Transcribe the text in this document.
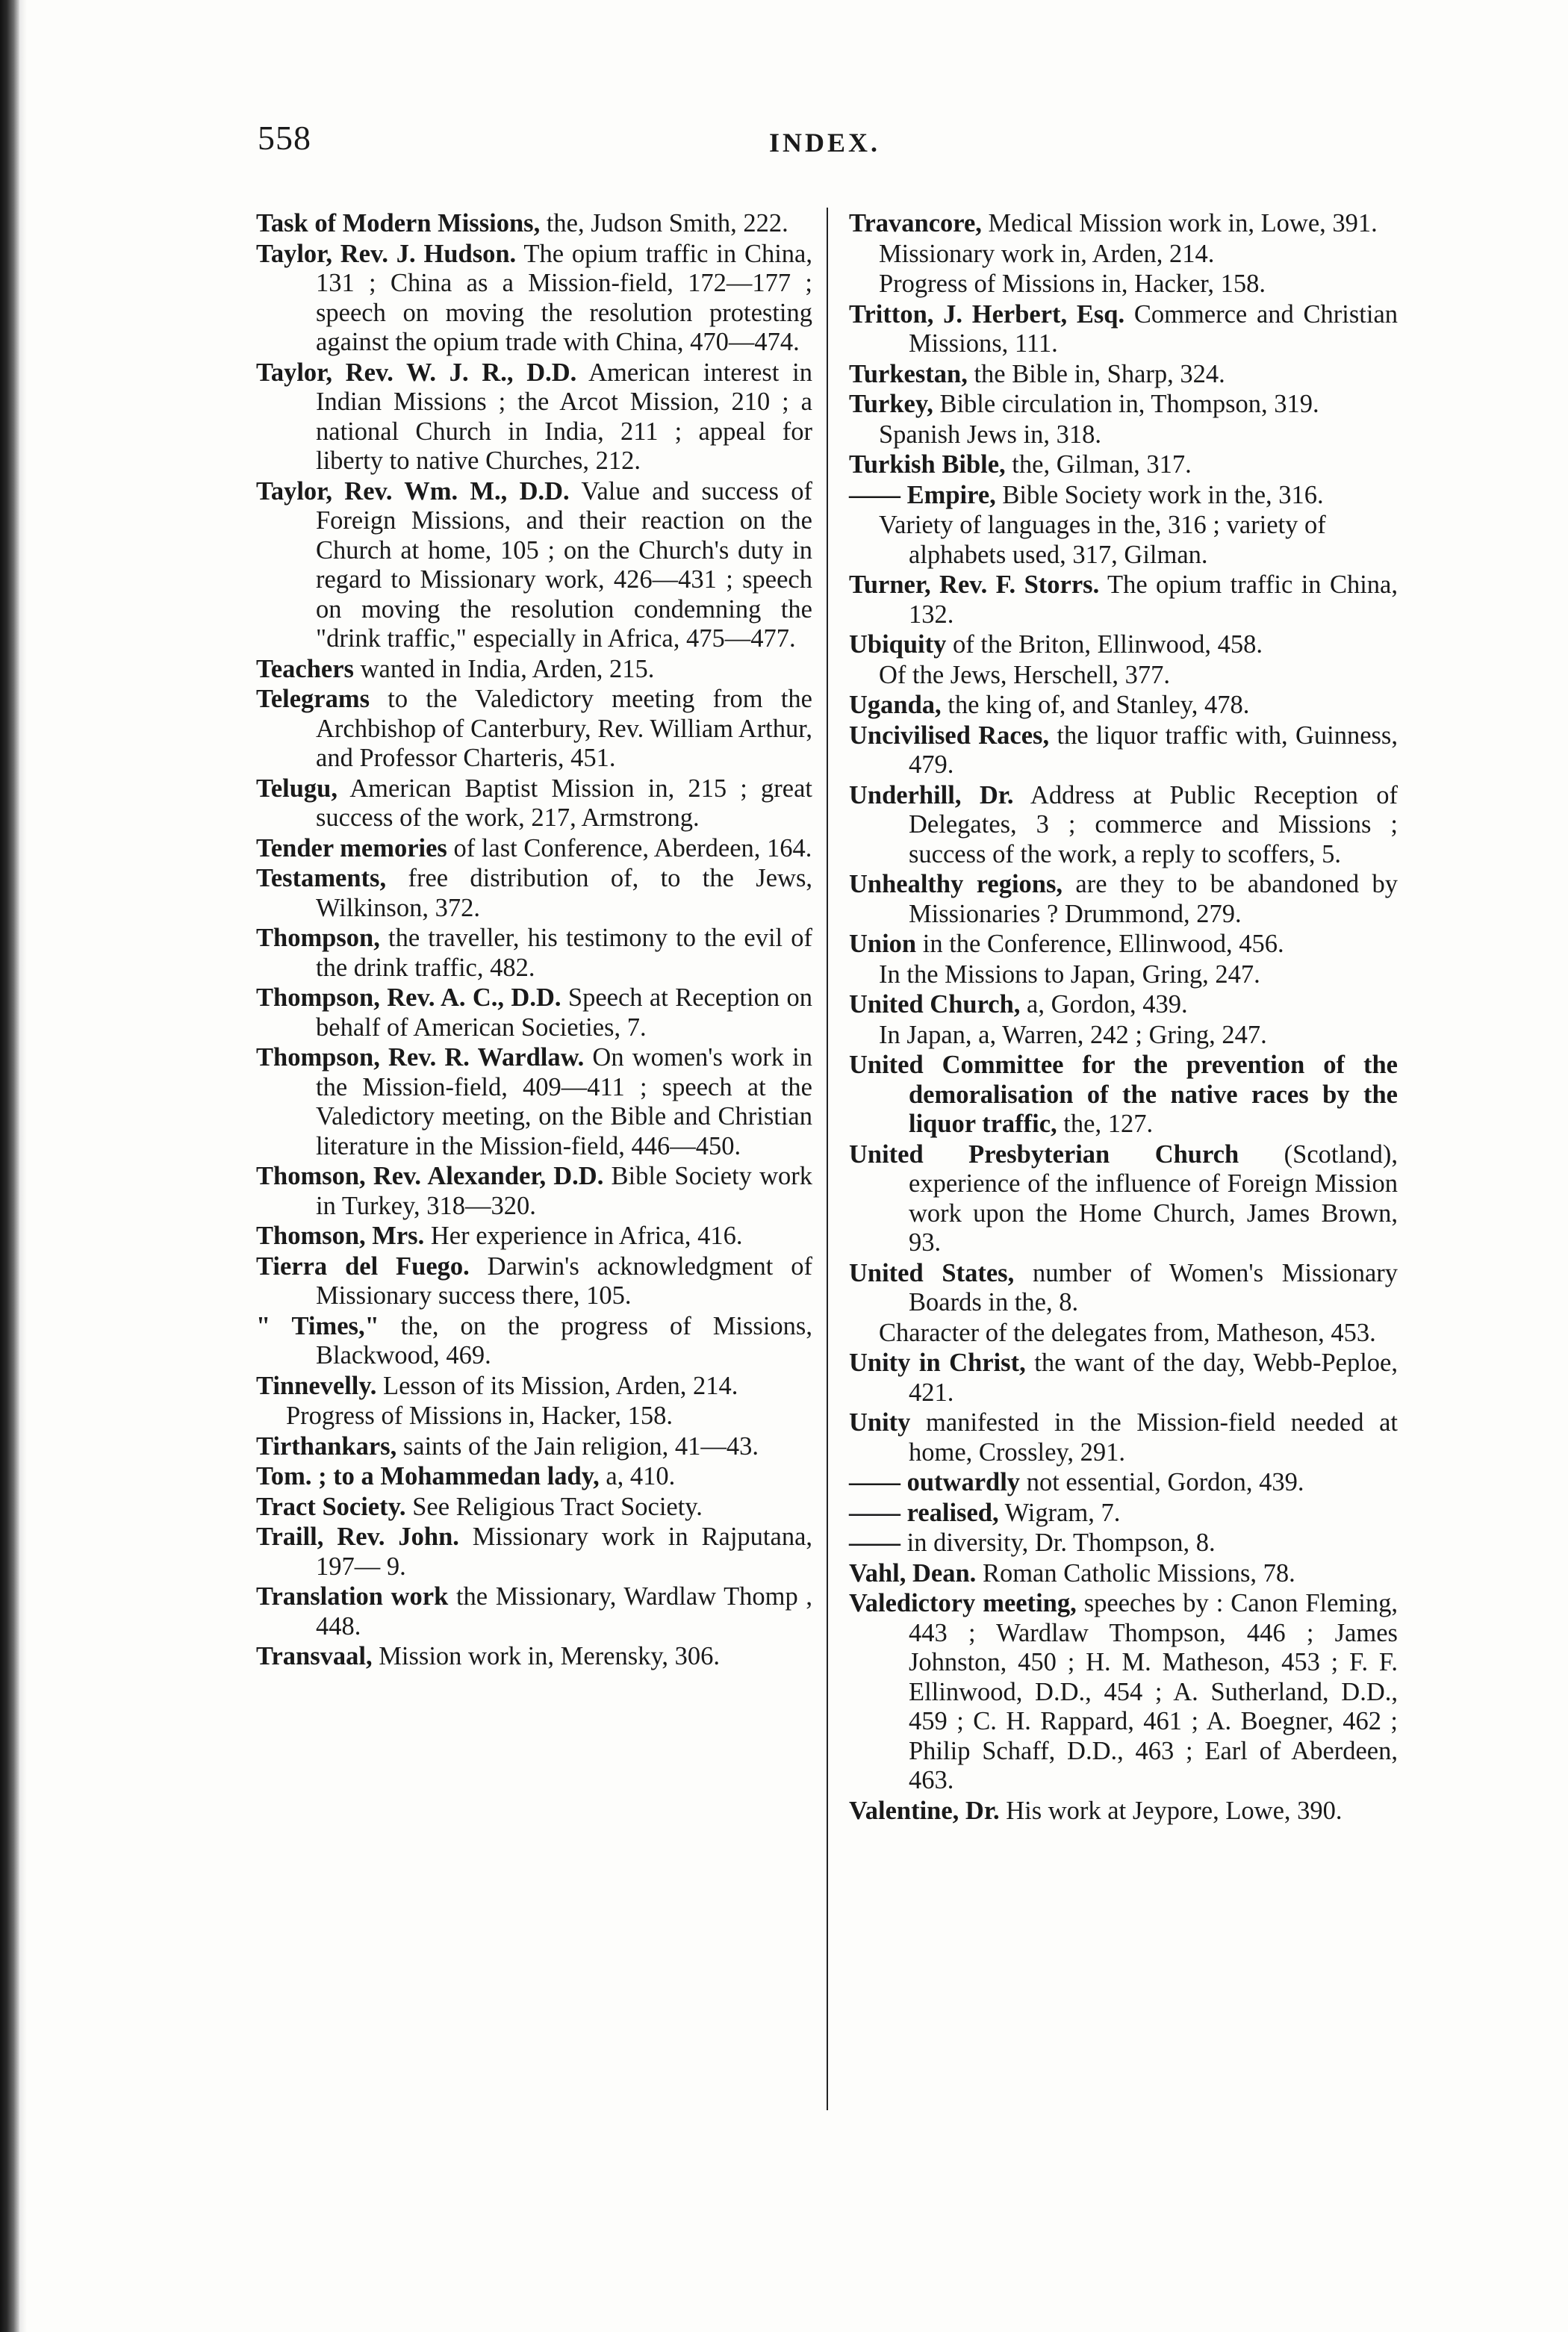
558	INDEX.

Task of Modern Missions, the, Judson Smith, 222.

Taylor, Rev. J. Hudson. The opium traffic in China, 131 ; China as a Mission-field, 172—177 ; speech on moving the resolution protesting against the opium trade with China, 470—474.

Taylor, Rev. W. J. R., D.D. American interest in Indian Missions ; the Arcot Mission, 210 ; a national Church in India, 211 ; appeal for liberty to native Churches, 212.

Taylor, Rev. Wm. M., D.D. Value and success of Foreign Missions, and their reaction on the Church at home, 105 ; on the Church's duty in regard to Missionary work, 426—431 ; speech on moving the resolution condemning the "drink traffic," especially in Africa, 475—477.

Teachers wanted in India, Arden, 215.

Telegrams to the Valedictory meeting from the Archbishop of Canterbury, Rev. William Arthur, and Professor Charteris, 451.

Telugu, American Baptist Mission in, 215 ; great success of the work, 217, Armstrong.

Tender memories of last Conference, Aberdeen, 164.

Testaments, free distribution of, to the Jews, Wilkinson, 372.

Thompson, the traveller, his testimony to the evil of the drink traffic, 482.

Thompson, Rev. A. C., D.D. Speech at Reception on behalf of American Societies, 7.

Thompson, Rev. R. Wardlaw. On women's work in the Mission-field, 409—411 ; speech at the Valedictory meeting, on the Bible and Christian literature in the Mission-field, 446—450.

Thomson, Rev. Alexander, D.D. Bible Society work in Turkey, 318—320.

Thomson, Mrs. Her experience in Africa, 416.

Tierra del Fuego. Darwin's acknowledgment of Missionary success there, 105.

" Times," the, on the progress of Missions, Blackwood, 469.

Tinnevelly. Lesson of its Mission, Arden, 214.

Progress of Missions in, Hacker, 158.

Tirthankars, saints of the Jain religion, 41—43.

Tom. ; to a Mohammedan lady, a, 410.

Tract Society. See Religious Tract Society.

Traill, Rev. John. Missionary work in Rajputana, 197— 9.

Translation work the Missionary, Wardlaw Thomp , 448.

Transvaal, Mission work in, Merensky, 306.

Travancore, Medical Mission work in, Lowe, 391.

Missionary work in, Arden, 214.

Progress of Missions in, Hacker, 158.

Tritton, J. Herbert, Esq. Commerce and Christian Missions, 111.

Turkestan, the Bible in, Sharp, 324.

Turkey, Bible circulation in, Thompson, 319.

Spanish Jews in, 318.

Turkish Bible, the, Gilman, 317.

—— Empire, Bible Society work in the, 316.

Variety of languages in the, 316 ; variety of alphabets used, 317, Gilman.

Turner, Rev. F. Storrs. The opium traffic in China, 132.

Ubiquity of the Briton, Ellinwood, 458.

Of the Jews, Herschell, 377.

Uganda, the king of, and Stanley, 478.

Uncivilised Races, the liquor traffic with, Guinness, 479.

Underhill, Dr. Address at Public Reception of Delegates, 3 ; commerce and Missions ; success of the work, a reply to scoffers, 5.

Unhealthy regions, are they to be abandoned by Missionaries ? Drummond, 279.

Union in the Conference, Ellinwood, 456.

In the Missions to Japan, Gring, 247.

United Church, a, Gordon, 439.

In Japan, a, Warren, 242 ; Gring, 247.

United Committee for the prevention of the demoralisation of the native races by the liquor traffic, the, 127.

United Presbyterian Church (Scotland), experience of the influence of Foreign Mission work upon the Home Church, James Brown, 93.

United States, number of Women's Missionary Boards in the, 8.

Character of the delegates from, Matheson, 453.

Unity in Christ, the want of the day, Webb-Peploe, 421.

Unity manifested in the Mission-field needed at home, Crossley, 291.

—— outwardly not essential, Gordon, 439.

—— realised, Wigram, 7.

—— in diversity, Dr. Thompson, 8.

Vahl, Dean. Roman Catholic Missions, 78.

Valedictory meeting, speeches by : Canon Fleming, 443 ; Wardlaw Thompson, 446 ; James Johnston, 450 ; H. M. Matheson, 453 ; F. F. Ellinwood, D.D., 454 ; A. Sutherland, D.D., 459 ; C. H. Rappard, 461 ; A. Boegner, 462 ; Philip Schaff, D.D., 463 ; Earl of Aberdeen, 463.

Valentine, Dr. His work at Jeypore, Lowe, 390.
